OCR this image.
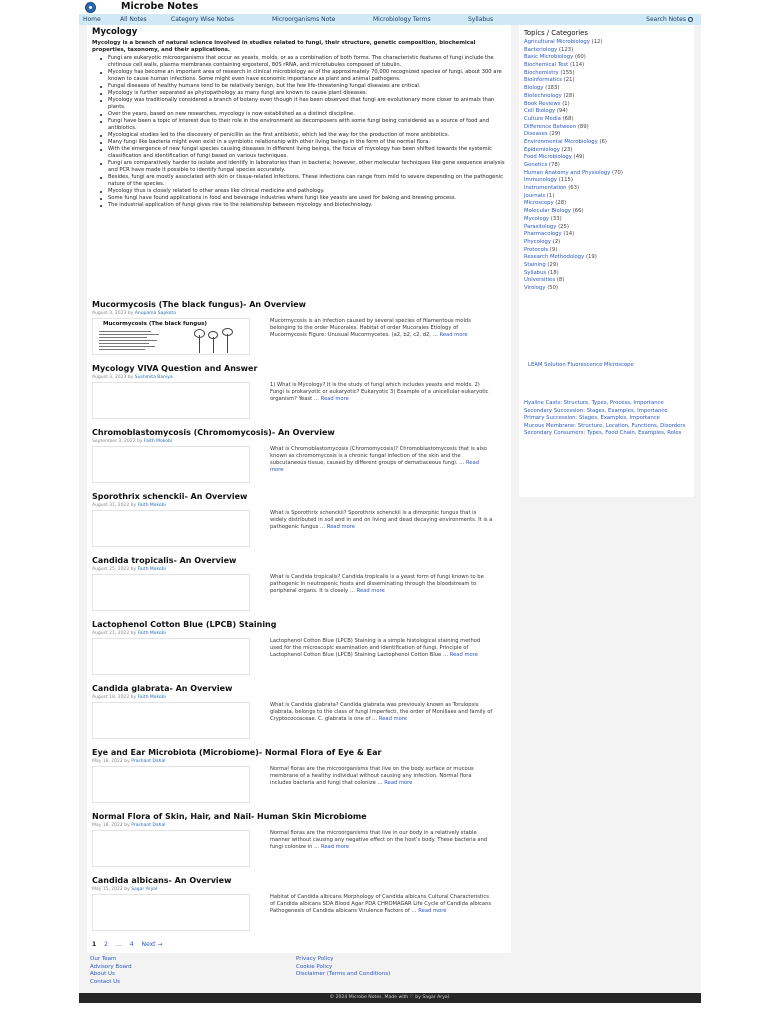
Microbe Notes
Home	All Notes	Category Wise Notes	Microorganisms Note	Microbiology Terms	Syllabus	Search Notes
Mycology
Mycology is a branch of natural science involved in studies related to fungi, their structure, genetic composition, biochemical properties, taxonomy, and their applications.
Fungi are eukaryotic microorganisms that occur as yeasts, molds, or as a combination of both forms. The characteristic features of fungi include the chitinous cell walls, plasma membranes containing ergosterol, 80S rRNA, and microtubules composed of tubulin.
Mycology has become an important area of research in clinical microbiology as of the approximately 70,000 recognized species of fungi, about 300 are known to cause human infections. Some might even have economic importance as plant and animal pathogens.
Fungal diseases of healthy humans tend to be relatively benign, but the few life-threatening fungal diseases are critical.
Mycology is further separated as phytopathology as many fungi are known to cause plant diseases.
Mycology was traditionally considered a branch of botany even though it has been observed that fungi are evolutionary more closer to animals than plants.
Over the years, based on new researches, mycology is now established as a distinct discipline.
Fungi have been a topic of interest due to their role in the environment as decomposers with some fungi being considered as a source of food and antibiotics.
Mycological studies led to the discovery of penicillin as the first antibiotic, which led the way for the production of more antibiotics.
Many fungi like bacteria might even exist in a symbiotic relationship with other living beings in the form of the normal flora.
With the emergence of new fungal species causing diseases in different living beings, the focus of mycology has been shifted towards the systemic classification and identification of fungi based on various techniques.
Fungi are comparatively harder to isolate and identify in laboratories than in bacteria; however, other molecular techniques like gene sequence analysis and PCR have made it possible to identify fungal species accurately.
Besides, fungi are mostly associated with skin or tissue-related infections. These infections can range from mild to severe depending on the pathogenic nature of the species.
Mycology thus is closely related to other areas like clinical medicine and pathology.
Some fungi have found applications in food and beverage industries where fungi like yeasts are used for baking and brewing process.
The industrial application of fungi gives rise to the relationship between mycology and biotechnology.
Mucormycosis (The black fungus)- An Overview
August 3, 2023 by Anupama Sapkota
Mucormycosis (The black fungus)	Mucormycosis is an infection caused by several species of filamentous molds belonging to the order Mucorales. Habitat of order Mucorales Etiology of Mucormycosis Figure: Unusual Mucormycetes. (a2, b2, c2, d2, … Read more
Mycology VIVA Question and Answer
August 3, 2023 by Sushmita Baniya
1) What is Mycology? It is the study of fungi which includes yeasts and molds. 2) Fungi is prokaryotic or eukaryotic? Eukaryotic 3) Example of a unicellular eukaryotic organism? Yeast … Read more
Chromoblastomycosis (Chromomycosis)- An Overview
September 3, 2022 by Faith Mokobi
What is Chromoblastomycosis (Chromomycosis)? Chromoblastomycosis that is also known as chromomycosis is a chronic fungal infection of the skin and the subcutaneous tissue, caused by different groups of dematiaceous fungi. … Read more
Sporothrix schenckii- An Overview
August 31, 2022 by Faith Mokobi
What is Sporothrix schenckii? Sporothrix schenckii is a dimorphic fungus that is widely distributed in soil and in and on living and dead decaying environments. It is a pathogenic fungus … Read more
Candida tropicalis- An Overview
August 25, 2022 by Faith Mokobi
What is Candida tropicalis? Candida tropicalis is a yeast form of fungi known to be pathogenic in neutropenic hosts and disseminating through the bloodstream to peripheral organs. It is closely … Read more
Lactophenol Cotton Blue (LPCB) Staining
August 21, 2022 by Faith Mokobi
Lactophenol Cotton Blue (LPCB) Staining is a simple histological staining method used for the microscopic examination and identification of fungi. Principle of Lactophenol Cotton Blue (LPCB) Staining Lactophenol Cotton Blue … Read more
Candida glabrata- An Overview
August 18, 2022 by Faith Mokobi
What is Candida glabrata? Candida glabrata was previously known as Torulopsis glabrata, belongs to the class of fungi Imperfecti, the order of Moniliaes and family of Cryptococcaceae. C. glabrata is one of … Read more
Eye and Ear Microbiota (Microbiome)- Normal Flora of Eye & Ear
May 18, 2022 by Prashant Dahal
Normal floras are the microorganisms that live on the body surface or mucous membrane of a healthy individual without causing any infection. Normal flora includes bacteria and fungi that colonize … Read more
Normal Flora of Skin, Hair, and Nail- Human Skin Microbiome
May 18, 2022 by Prashant Dahal
Normal floras are the microorganisms that live in our body in a relatively stable manner without causing any negative effect on the host's body. These bacteria and fungi colonize in … Read more
Candida albicans- An Overview
May 15, 2022 by Sagar Aryal
Habitat of Candida albicans Morphology of Candida albicans Cultural Characteristics of Candida albicans SDA Blood Agar PDA CHROMAGAR Life Cycle of Candida albicans Pathogenesis of Candida albicans Virulence Factors of … Read more
1 2 … 4 Next →
Topics / Categories
Agricultural Microbiology (12)
Bacteriology (123)
Basic Microbiology (60)
Biochemical Test (114)
Biochemistry (155)
Bioinformatics (21)
Biology (183)
Biotechnology (28)
Book Reviews (1)
Cell Biology (94)
Culture Media (68)
Difference Between (89)
Diseases (29)
Environmental Microbiology (6)
Epidemiology (23)
Food Microbiology (49)
Genetics (78)
Human Anatomy and Physiology (70)
Immunology (115)
Instrumentation (63)
Journals (1)
Microscopy (28)
Molecular Biology (66)
Mycology (33)
Parasitology (25)
Pharmacology (14)
Phycology (2)
Protocols (9)
Research Methodology (19)
Staining (29)
Syllabus (18)
Universities (8)
Virology (50)
LEAM Solution Fluorescence Microscope
Hyaline Casts: Structure, Types, Process, Importance
Secondary Succession: Stages, Examples, Importance
Primary Succession: Stages, Examples, Importance
Mucous Membrane: Structure, Location, Functions, Disorders
Secondary Consumers: Types, Food Chain, Examples, Roles
Our Team
Advisory Board
About Us
Contact Us
Privacy Policy
Cookie Policy
Disclaimer (Terms and Conditions)
© 2024 Microbe Notes. Made with ♡ by Sagar Aryal.
